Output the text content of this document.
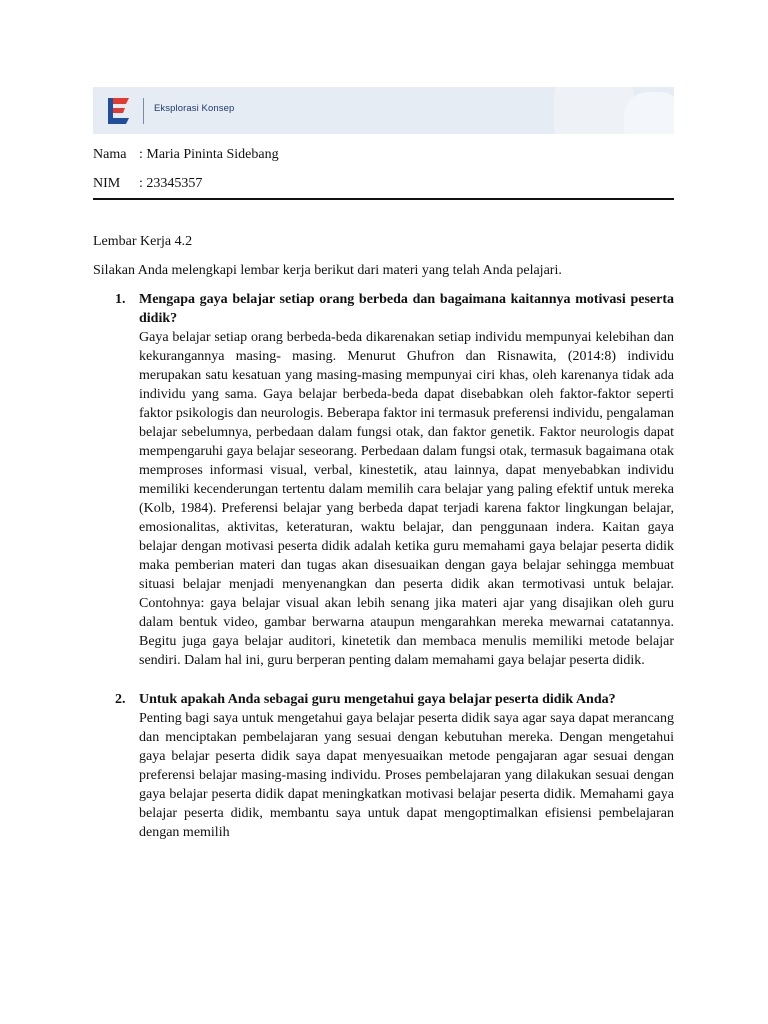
Eksplorasi Konsep
Nama : Maria Pininta Sidebang
NIM : 23345357
Lembar Kerja 4.2
Silakan Anda melengkapi lembar kerja berikut dari materi yang telah Anda pelajari.
1. Mengapa gaya belajar setiap orang berbeda dan bagaimana kaitannya motivasi peserta didik?
Gaya belajar setiap orang berbeda-beda dikarenakan setiap individu mempunyai kelebihan dan kekurangannya masing- masing. Menurut Ghufron dan Risnawita, (2014:8) individu merupakan satu kesatuan yang masing-masing mempunyai ciri khas, oleh karenanya tidak ada individu yang sama. Gaya belajar berbeda-beda dapat disebabkan oleh faktor-faktor seperti faktor psikologis dan neurologis. Beberapa faktor ini termasuk preferensi individu, pengalaman belajar sebelumnya, perbedaan dalam fungsi otak, dan faktor genetik. Faktor neurologis dapat mempengaruhi gaya belajar seseorang. Perbedaan dalam fungsi otak, termasuk bagaimana otak memproses informasi visual, verbal, kinestetik, atau lainnya, dapat menyebabkan individu memiliki kecenderungan tertentu dalam memilih cara belajar yang paling efektif untuk mereka (Kolb, 1984). Preferensi belajar yang berbeda dapat terjadi karena faktor lingkungan belajar, emosionalitas, aktivitas, keteraturan, waktu belajar, dan penggunaan indera. Kaitan gaya belajar dengan motivasi peserta didik adalah ketika guru memahami gaya belajar peserta didik maka pemberian materi dan tugas akan disesuaikan dengan gaya belajar sehingga membuat situasi belajar menjadi menyenangkan dan peserta didik akan termotivasi untuk belajar. Contohnya: gaya belajar visual akan lebih senang jika materi ajar yang disajikan oleh guru dalam bentuk video, gambar berwarna ataupun mengarahkan mereka mewarnai catatannya. Begitu juga gaya belajar auditori, kinetetik dan membaca menulis memiliki metode belajar sendiri. Dalam hal ini, guru berperan penting dalam memahami gaya belajar peserta didik.
2. Untuk apakah Anda sebagai guru mengetahui gaya belajar peserta didik Anda?
Penting bagi saya untuk mengetahui gaya belajar peserta didik saya agar saya dapat merancang dan menciptakan pembelajaran yang sesuai dengan kebutuhan mereka. Dengan mengetahui gaya belajar peserta didik saya dapat menyesuaikan metode pengajaran agar sesuai dengan preferensi belajar masing-masing individu. Proses pembelajaran yang dilakukan sesuai dengan gaya belajar peserta didik dapat meningkatkan motivasi belajar peserta didik. Memahami gaya belajar peserta didik, membantu saya untuk dapat mengoptimalkan efisiensi pembelajaran dengan memilih
